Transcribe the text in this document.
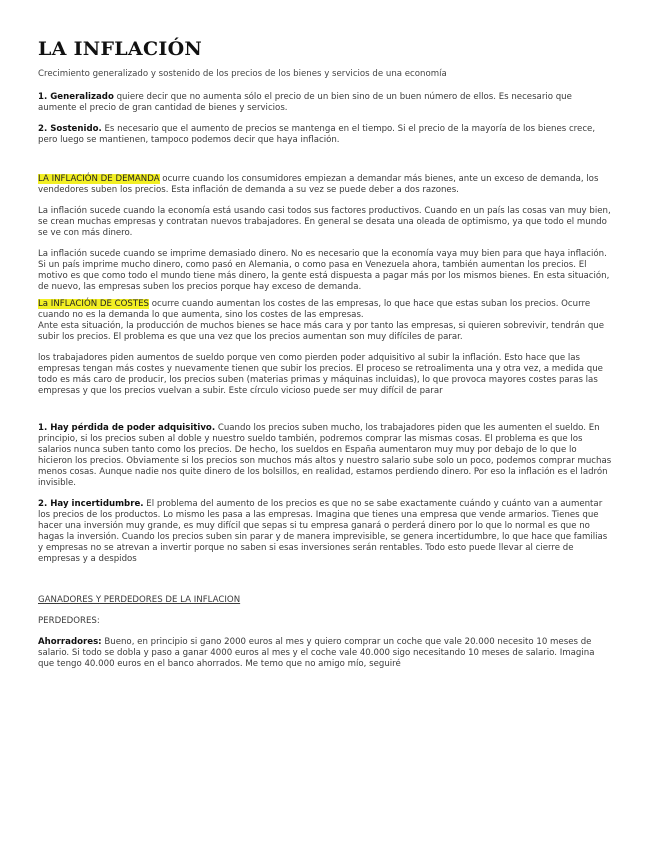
LA INFLACIÓN

Crecimiento generalizado y sostenido de los precios de los bienes y servicios de una economía

1. Generalizado quiere decir que no aumenta sólo el precio de un bien sino de un buen número de ellos. Es necesario que aumente el precio de gran cantidad de bienes y servicios.

2. Sostenido. Es necesario que el aumento de precios se mantenga en el tiempo. Si el precio de la mayoría de los bienes crece, pero luego se mantienen, tampoco podemos decir que haya inflación.

LA INFLACIÓN DE DEMANDA ocurre cuando los consumidores empiezan a demandar más bienes, ante un exceso de demanda, los vendedores suben los precios. Esta inflación de demanda a su vez se puede deber a dos razones.

La inflación sucede cuando la economía está usando casi todos sus factores productivos. Cuando en un país las cosas van muy bien, se crean muchas empresas y contratan nuevos trabajadores. En general se desata una oleada de optimismo, ya que todo el mundo se ve con más dinero.

La inflación sucede cuando se imprime demasiado dinero. No es necesario que la economía vaya muy bien para que haya inflación. Si un país imprime mucho dinero, como pasó en Alemania, o como pasa en Venezuela ahora, también aumentan los precios. El motivo es que como todo el mundo tiene más dinero, la gente está dispuesta a pagar más por los mismos bienes. En esta situación, de nuevo, las empresas suben los precios porque hay exceso de demanda.

La INFLACIÓN DE COSTES ocurre cuando aumentan los costes de las empresas, lo que hace que estas suban los precios. Ocurre cuando no es la demanda lo que aumenta, sino los costes de las empresas.

Ante esta situación, la producción de muchos bienes se hace más cara y por tanto las empresas, si quieren sobrevivir, tendrán que subir los precios. El problema es que una vez que los precios aumentan son muy difíciles de parar.

los trabajadores piden aumentos de sueldo porque ven como pierden poder adquisitivo al subir la inflación. Esto hace que las empresas tengan más costes y nuevamente tienen que subir los precios. El proceso se retroalimenta una y otra vez, a medida que todo es más caro de producir, los precios suben (materias primas y máquinas incluidas), lo que provoca mayores costes paras las empresas y que los precios vuelvan a subir. Este círculo vicioso puede ser muy difícil de parar

1. Hay pérdida de poder adquisitivo. Cuando los precios suben mucho, los trabajadores piden que les aumenten el sueldo. En principio, si los precios suben al doble y nuestro sueldo también, podremos comprar las mismas cosas. El problema es que los salarios nunca suben tanto como los precios. De hecho, los sueldos en España aumentaron muy muy por debajo de lo que lo hicieron los precios. Obviamente si los precios son muchos más altos y nuestro salario sube solo un poco, podemos comprar muchas menos cosas. Aunque nadie nos quite dinero de los bolsillos, en realidad, estamos perdiendo dinero. Por eso la inflación es el ladrón invisible.

2. Hay incertidumbre. El problema del aumento de los precios es que no se sabe exactamente cuándo y cuánto van a aumentar los precios de los productos. Lo mismo les pasa a las empresas. Imagina que tienes una empresa que vende armarios. Tienes que hacer una inversión muy grande, es muy difícil que sepas si tu empresa ganará o perderá dinero por lo que lo normal es que no hagas la inversión. Cuando los precios suben sin parar y de manera imprevisible, se genera incertidumbre, lo que hace que familias y empresas no se atrevan a invertir porque no saben si esas inversiones serán rentables. Todo esto puede llevar al cierre de empresas y a despidos

GANADORES Y PERDEDORES DE LA INFLACION

PERDEDORES:

Ahorradores: Bueno, en principio si gano 2000 euros al mes y quiero comprar un coche que vale 20.000 necesito 10 meses de salario. Si todo se dobla y paso a ganar 4000 euros al mes y el coche vale 40.000 sigo necesitando 10 meses de salario. Imagina que tengo 40.000 euros en el banco ahorrados. Me temo que no amigo mío, seguiré
